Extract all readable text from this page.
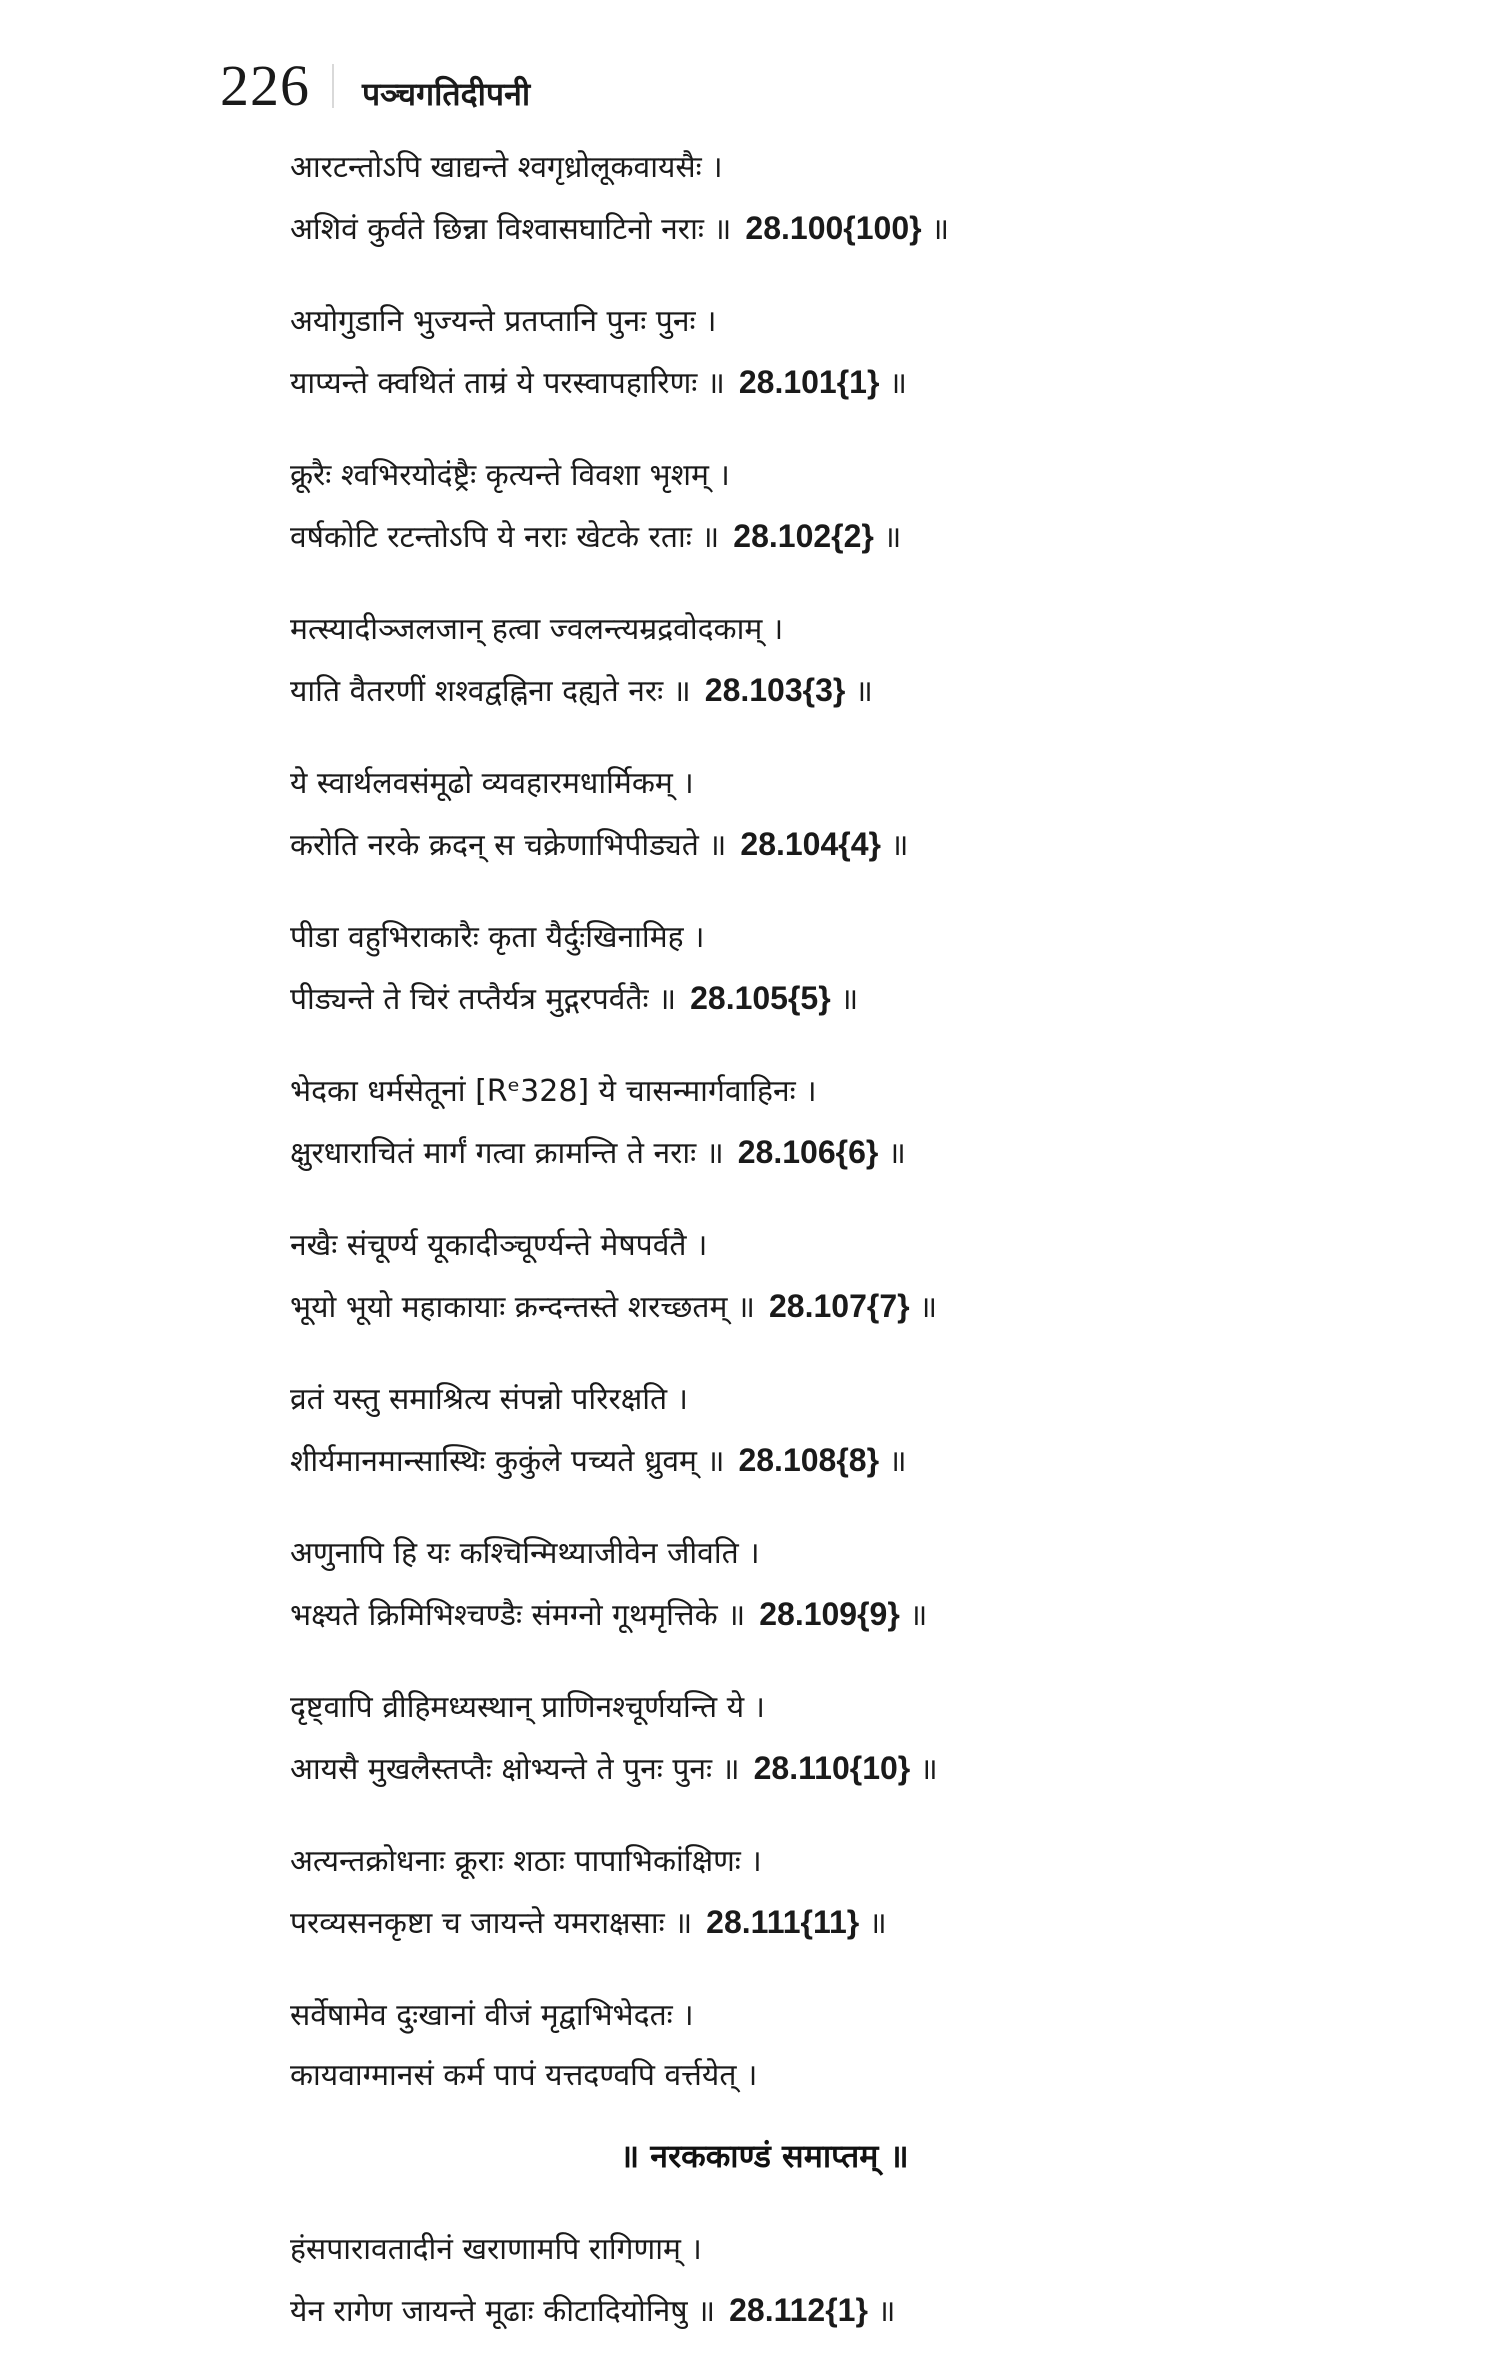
226 पञ्चगतिदीपनी
आरटन्तोऽपि खाद्यन्ते श्वगृध्रोलूकवायसैः ।
अशिवं कुर्वते छिन्ना विश्वासघाटिनो नराः ॥ 28.100{100} ॥
अयोगुडानि भुज्यन्ते प्रतप्तानि पुनः पुनः ।
याप्यन्ते क्वथितं ताम्रं ये परस्वापहारिणः ॥ 28.101{1} ॥
क्रूरैः श्वभिरयोदंष्ट्रैः कृत्यन्ते विवशा भृशम् ।
वर्षकोटि रटन्तोऽपि ये नराः खेटके रताः ॥ 28.102{2} ॥
मत्स्यादीञ्जलजान् हत्वा ज्वलन्त्यम्रद्रवोदकाम् ।
याति वैतरणीं शश्वद्वह्निना दह्यते नरः ॥ 28.103{3} ॥
ये स्वार्थलवसंमूढो व्यवहारमधार्मिकम् ।
करोति नरके क्रदन् स चक्रेणाभिपीड्यते ॥ 28.104{4} ॥
पीडा वहुभिराकारैः कृता यैर्दुःखिनामिह ।
पीड्यन्ते ते चिरं तप्तैर्यत्र मुद्गरपर्वतैः ॥ 28.105{5} ॥
भेदका धर्मसेतूनां [Rᵉ328] ये चासन्मार्गवाहिनः ।
क्षुरधाराचितं मार्गं गत्वा क्रामन्ति ते नराः ॥ 28.106{6} ॥
नखैः संचूर्ण्य यूकादीञ्चूर्ण्यन्ते मेषपर्वतै ।
भूयो भूयो महाकायाः क्रन्दन्तस्ते शरच्छतम् ॥ 28.107{7} ॥
व्रतं यस्तु समाश्रित्य संपन्नो परिरक्षति ।
शीर्यमानमान्सास्थिः कुकुंले पच्यते ध्रुवम् ॥ 28.108{8} ॥
अणुनापि हि यः कश्चिन्मिथ्याजीवेन जीवति ।
भक्ष्यते क्रिमिभिश्चण्डैः संमग्नो गूथमृत्तिके ॥ 28.109{9} ॥
दृष्ट्वापि व्रीहिमध्यस्थान् प्राणिनश्चूर्णयन्ति ये ।
आयसै मुखलैस्तप्तैः क्षोभ्यन्ते ते पुनः पुनः ॥ 28.110{10} ॥
अत्यन्तक्रोधनाः क्रूराः शठाः पापाभिकांक्षिणः ।
परव्यसनकृष्टा च जायन्ते यमराक्षसाः ॥ 28.111{11} ॥
सर्वेषामेव दुःखानां वीजं मृद्वाभिभेदतः ।
कायवाग्मानसं कर्म पापं यत्तदण्वपि वर्त्तयेत् ।
॥ नरककाण्डं समाप्तम् ॥
हंसपारावतादीनं खराणामपि रागिणाम् ।
येन रागेण जायन्ते मूढाः कीटादियोनिषु ॥ 28.112{1} ॥
